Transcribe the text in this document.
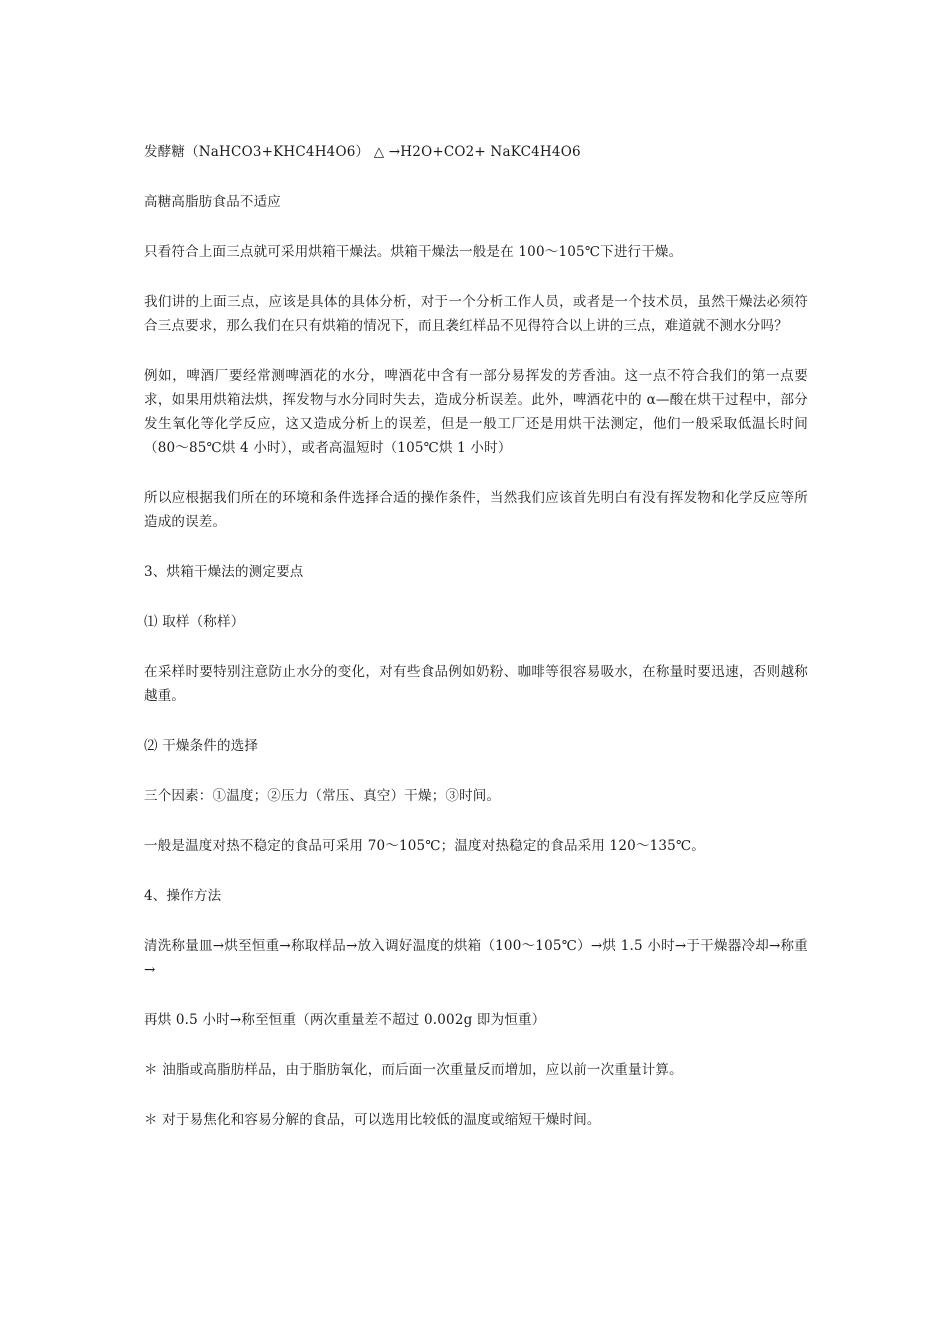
发酵糖（NaHCO3+KHC4H4O6） △ →H2O+CO2+ NaKC4H4O6

高糖高脂肪食品不适应

只看符合上面三点就可采用烘箱干燥法。烘箱干燥法一般是在 100～105℃下进行干燥。

我们讲的上面三点，应该是具体的具体分析，对于一个分析工作人员，或者是一个技术员，虽然干燥法必须符合三点要求，那么我们在只有烘箱的情况下，而且袭红样品不见得符合以上讲的三点，难道就不测水分吗？

例如，啤酒厂要经常测啤酒花的水分，啤酒花中含有一部分易挥发的芳香油。这一点不符合我们的第一点要求，如果用烘箱法烘，挥发物与水分同时失去，造成分析误差。此外，啤酒花中的 α—酸在烘干过程中，部分发生氧化等化学反应，这又造成分析上的误差，但是一般工厂还是用烘干法测定，他们一般采取低温长时间（80～85℃烘 4 小时），或者高温短时（105℃烘 1 小时）

所以应根据我们所在的环境和条件选择合适的操作条件，当然我们应该首先明白有没有挥发物和化学反应等所造成的误差。

3、烘箱干燥法的测定要点

⑴ 取样（称样）

在采样时要特别注意防止水分的变化，对有些食品例如奶粉、咖啡等很容易吸水，在称量时要迅速，否则越称越重。

⑵ 干燥条件的选择

三个因素：①温度；②压力（常压、真空）干燥；③时间。

一般是温度对热不稳定的食品可采用 70～105℃；温度对热稳定的食品采用 120～135℃。

4、操作方法

清洗称量皿→烘至恒重→称取样品→放入调好温度的烘箱（100～105℃）→烘 1.5 小时→于干燥器冷却→称重→

再烘 0.5 小时→称至恒重（两次重量差不超过 0.002g 即为恒重）

＊ 油脂或高脂肪样品，由于脂肪氧化，而后面一次重量反而增加，应以前一次重量计算。

＊ 对于易焦化和容易分解的食品，可以选用比较低的温度或缩短干燥时间。
